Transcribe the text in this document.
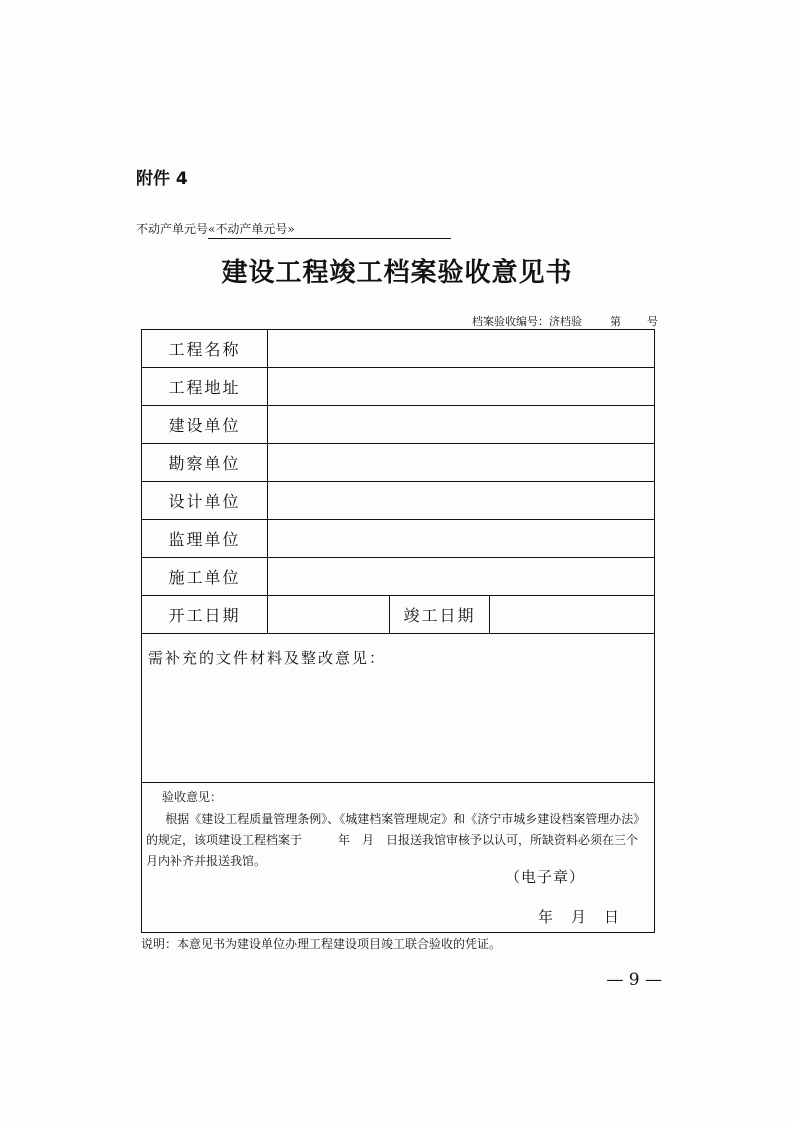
附件 4
不动产单元号«不动产单元号»
建设工程竣工档案验收意见书
档案验收编号：济档验	第 号
工程名称			
工程地址			
建设单位			
勘察单位			
设计单位			
监理单位			
施工单位			
开工日期		竣工日期	

需补充的文件材料及整改意见：			

验收意见：
根据《建设工程质量管理条例》、《城建档案管理规定》和《济宁市城乡建设档案管理办法》的规定，该项建设工程档案于　　　年　月　日报送我馆审核予以认可，所缺资料必须在三个月内补齐并报送我馆。
（电子章）
年 月 日			
说明：本意见书为建设单位办理工程建设项目竣工联合验收的凭证。
— 9 —
